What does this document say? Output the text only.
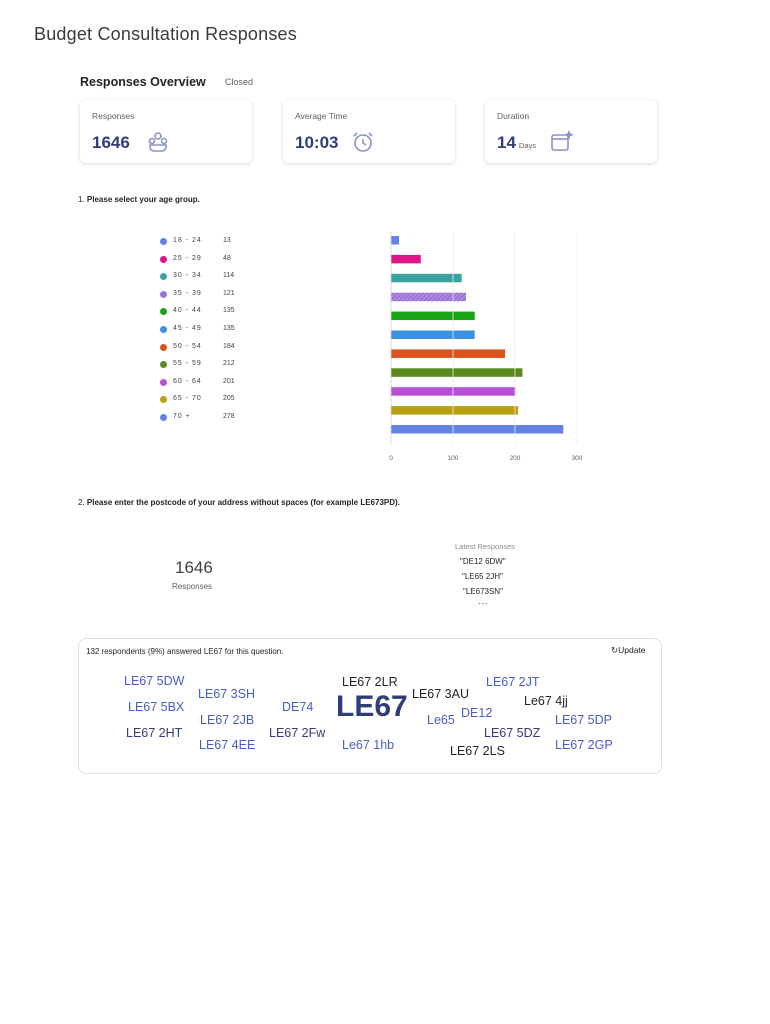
Budget Consultation Responses
Responses Overview Closed
Responses
1646
Average Time
10:03
Duration
14 Days
1. Please select your age group.
18 - 24	13
25 - 29	48
30 - 34	114
35 - 39	121
40 - 44	135
45 - 49	135
50 - 54	184
55 - 59	212
60 - 64	201
65 - 70	205
70 +	278
0	100	200	300
2. Please enter the postcode of your address without spaces (for example LE673PD).
1646
Responses
Latest Responses
"DE12 6DW"
"LE65 2JH"
"LE673SN"
...
132 respondents (9%) answered LE67 for this question.	↻Update
LE67 5DW
LE67 3SH
LE67 5BX	DE74
LE67 2JB
LE67 2HT	LE67 2Fw
LE67 4EE
LE67 2LR
LE67
Le67 1hb
LE67 3AU
Le65 DE12
LE67 2LS
LE67 2JT
Le67 4jj
LE67 5DZ
LE67 5DP
LE67 2GP
